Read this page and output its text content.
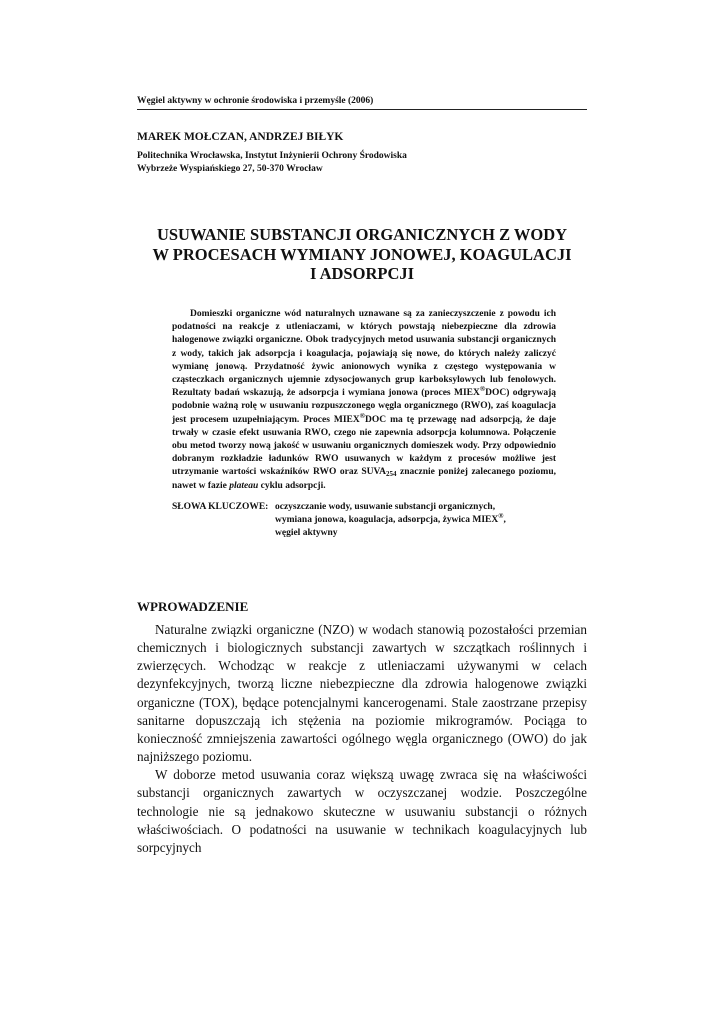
Węgiel aktywny w ochronie środowiska i przemyśle (2006)
MAREK MOŁCZAN, ANDRZEJ BIŁYK
Politechnika Wrocławska, Instytut Inżynierii Ochrony Środowiska
Wybrzeże Wyspiańskiego 27, 50-370 Wrocław
USUWANIE SUBSTANCJI ORGANICZNYCH Z WODY
W PROCESACH WYMIANY JONOWEJ, KOAGULACJI
I ADSORPCJI

Domieszki organiczne wód naturalnych uznawane są za zanieczyszczenie z powodu ich podatności na reakcje z utleniaczami, w których powstają niebezpieczne dla zdrowia halogenowe związki organiczne. Obok tradycyjnych metod usuwania substancji organicznych z wody, takich jak adsorpcja i koagulacja, pojawiają się nowe, do których należy zaliczyć wymianę jonową. Przydatność żywic anionowych wynika z częstego występowania w cząsteczkach organicznych ujemnie zdysocjowanych grup karboksylowych lub fenolowych. Rezultaty badań wskazują, że adsorpcja i wymiana jonowa (proces MIEX®DOC) odgrywają podobnie ważną rolę w usuwaniu rozpuszczonego węgla organicznego (RWO), zaś koagulacja jest procesem uzupełniającym. Proces MIEX®DOC ma tę przewagę nad adsorpcją, że daje trwały w czasie efekt usuwania RWO, czego nie zapewnia adsorpcja kolumnowa. Połączenie obu metod tworzy nową jakość w usuwaniu organicznych domieszek wody. Przy odpowiednio dobranym rozkładzie ładunków RWO usuwanych w każdym z procesów możliwe jest utrzymanie wartości wskaźników RWO oraz $SUVA_{254}$ znacznie poniżej zalecanego poziomu, nawet w fazie plateau cyklu adsorpcji.

SŁOWA KLUCZOWE: oczyszczanie wody, usuwanie substancji organicznych,
wymiana jonowa, koagulacja, adsorpcja, żywica MIEX®,
węgiel aktywny
WPROWADZENIE

Naturalne związki organiczne (NZO) w wodach stanowią pozostałości przemian chemicznych i biologicznych substancji zawartych w szczątkach roślinnych i zwierzęcych. Wchodząc w reakcje z utleniaczami używanymi w celach dezynfekcyjnych, tworzą liczne niebezpieczne dla zdrowia halogenowe związki organiczne (TOX), będące potencjalnymi kancerogenami. Stale zaostrzane przepisy sanitarne dopuszczają ich stężenia na poziomie mikrogramów. Pociąga to konieczność zmniejszenia zawartości ogólnego węgla organicznego (OWO) do jak najniższego poziomu.

W doborze metod usuwania coraz większą uwagę zwraca się na właściwości substancji organicznych zawartych w oczyszczanej wodzie. Poszczególne technologie nie są jednakowo skuteczne w usuwaniu substancji o różnych właściwościach. O podatności na usuwanie w technikach koagulacyjnych lub sorpcyjnych
